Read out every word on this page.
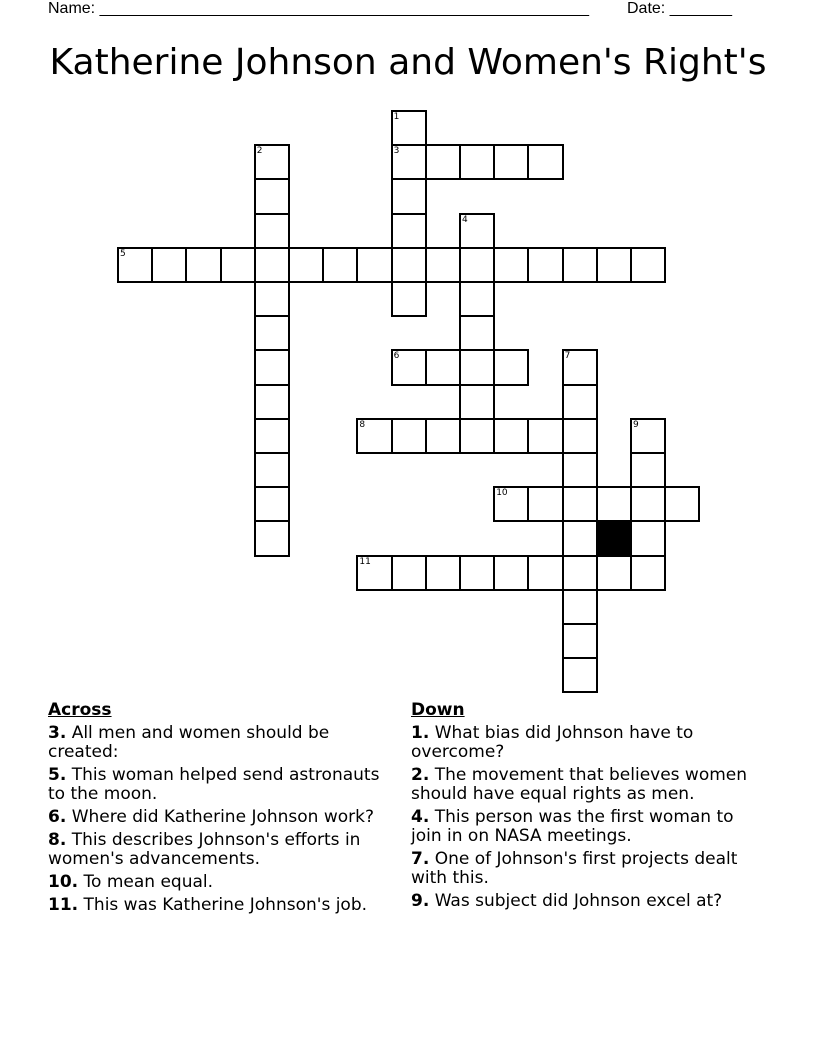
Name: _______________________________________________________ Date: _______
Katherine Johnson and Women's Right's
1
3
2
4
5
6	7
8	9
10
11
Across
3. All men and women should be created:
5. This woman helped send astronauts to the moon.
6. Where did Katherine Johnson work?
8. This describes Johnson's efforts in women's advancements.
10. To mean equal.
11. This was Katherine Johnson's job.
Down
1. What bias did Johnson have to overcome?
2. The movement that believes women should have equal rights as men.
4. This person was the first woman to join in on NASA meetings.
7. One of Johnson's first projects dealt with this.
9. Was subject did Johnson excel at?
